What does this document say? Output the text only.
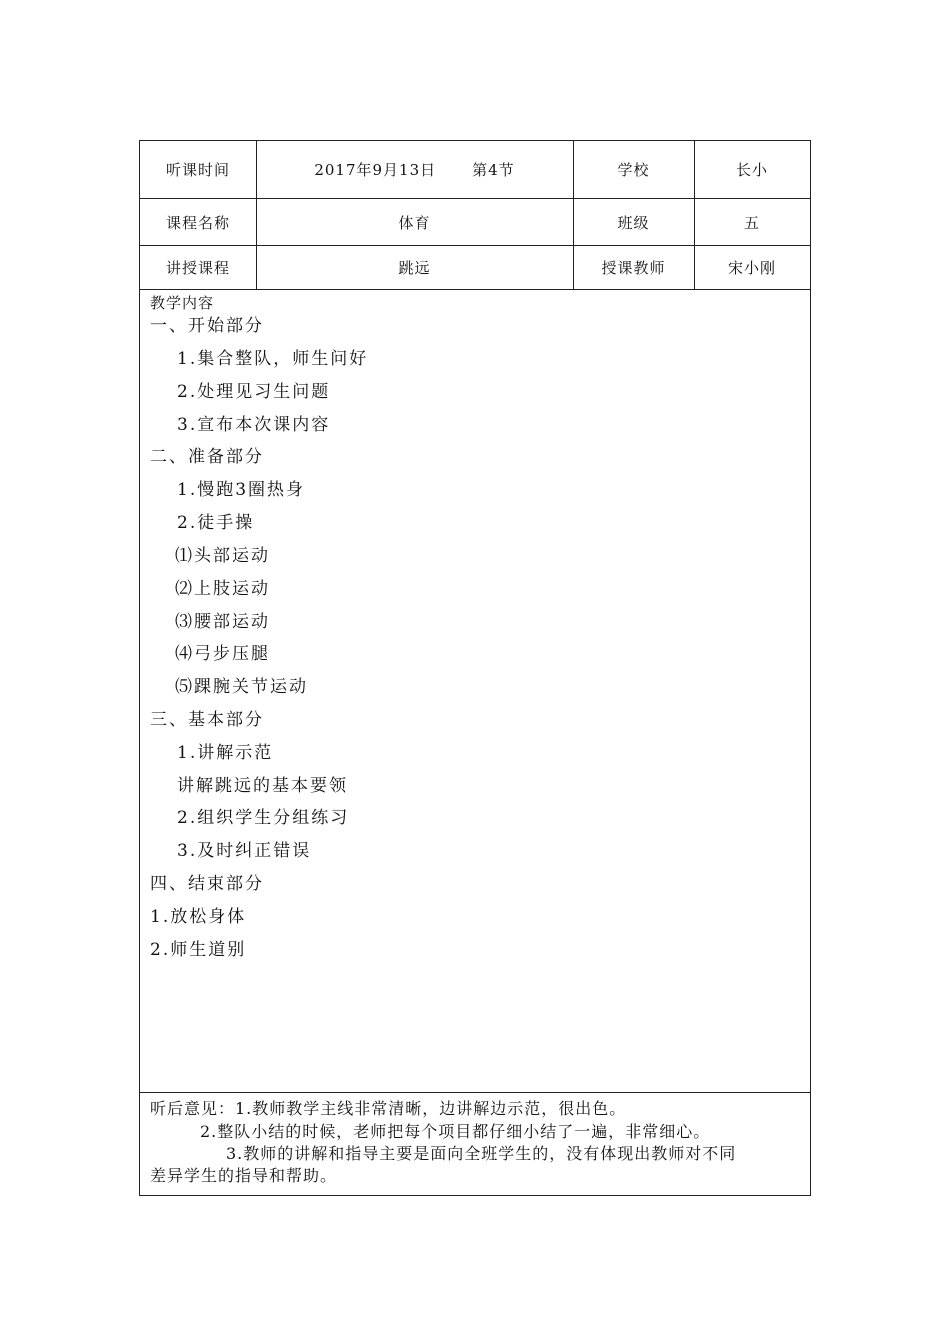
听课时间	2017年9月13日 第4节	学校	长小
课程名称	体育	班级	五
讲授课程	跳远	授课教师	宋小刚
教学内容
一、开始部分
1.集合整队，师生问好
2.处理见习生问题
3.宣布本次课内容
二、准备部分
1.慢跑3圈热身
2.徒手操
⑴头部运动
⑵上肢运动
⑶腰部运动
⑷弓步压腿
⑸踝腕关节运动
三、基本部分
1.讲解示范
讲解跳远的基本要领
2.组织学生分组练习
3.及时纠正错误
四、结束部分
1.放松身体
2.师生道别
听后意见：1.教师教学主线非常清晰，边讲解边示范，很出色。
2.整队小结的时候，老师把每个项目都仔细小结了一遍，非常细心。
3.教师的讲解和指导主要是面向全班学生的，没有体现出教师对不同
差异学生的指导和帮助。
